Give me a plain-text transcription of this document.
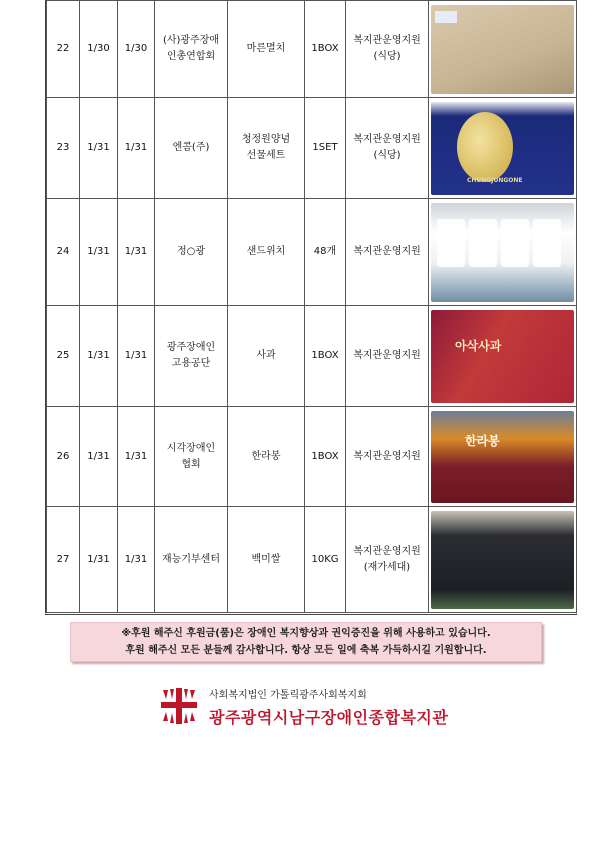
22	1/30	1/30	(사)광주장애
인총연합회	마른멸치	1BOX	복지관운영지원
(식당)	

23	1/31	1/31	엔콤(주)	청정원양념
선물세트	1SET	복지관운영지원
(식당)	CHUNGJUNGONE

24	1/31	1/31	정○광	샌드위치	48개	복지관운영지원	

25	1/31	1/31	광주장애인
고용공단	사과	1BOX	복지관운영지원	아삭사과

26	1/31	1/31	시각장애인
협회	한라봉	1BOX	복지관운영지원	한라봉

27	1/31	1/31	재능기부센터	백미쌀	10KG	복지관운영지원
(재가세대)	

※후원 해주신 후원금(품)은 장애인 복지향상과 권익증진을 위해 사용하고 있습니다.

후원 해주신 모든 분들께 감사합니다. 항상 모든 일에 축복 가득하시길 기원합니다.

사회복지법인 가톨릭광주사회복지회
광주광역시남구장애인종합복지관
